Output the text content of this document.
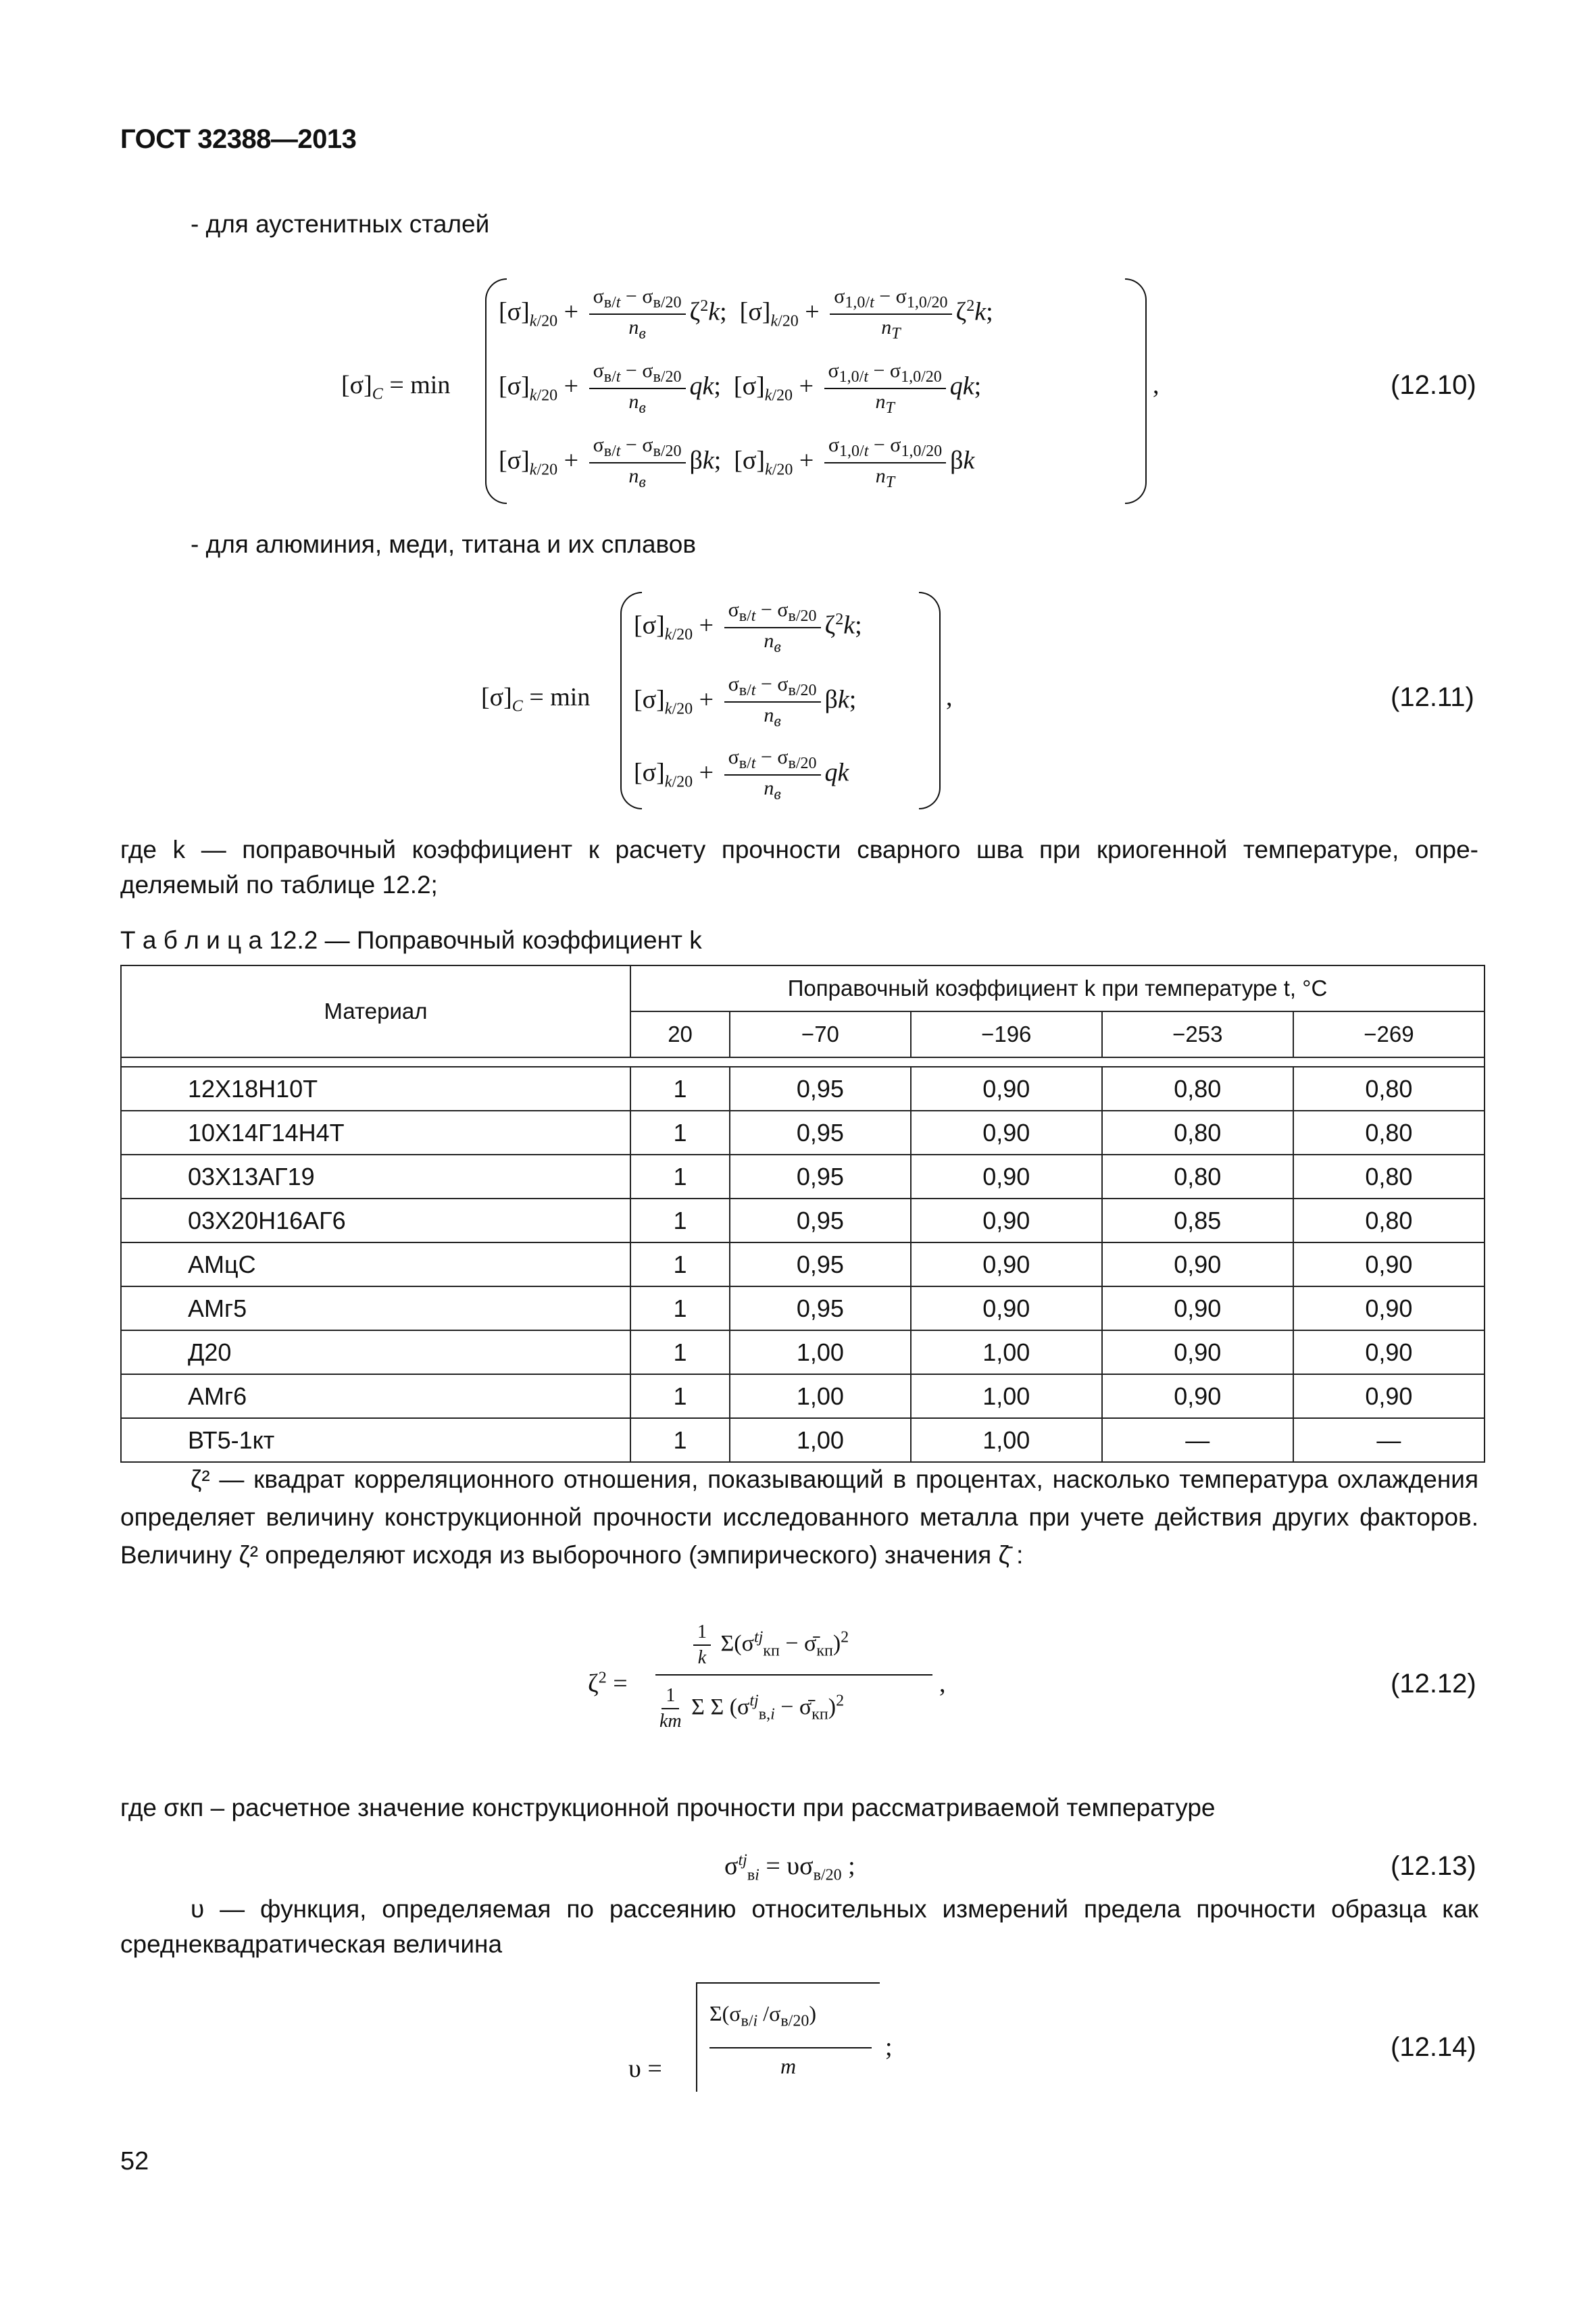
ГОСТ 32388—2013
- для аустенитных сталей
$[\sigma]_C = \min$
$[\sigma]_{k/20} + \frac{\sigma_{в/t} - \sigma_{в/20}}{n_в} \zeta^2k$;  $[\sigma]_{k/20} + \frac{\sigma_{1,0/t} - \sigma_{1,0/20}}{n_T} \zeta^2k$;
$[\sigma]_{k/20} + \frac{\sigma_{в/t} - \sigma_{в/20}}{n_в}$ qk;  $[\sigma]_{k/20} + \frac{\sigma_{1,0/t} - \sigma_{1,0/20}}{n_T}$ qk;
$[\sigma]_{k/20} + \frac{\sigma_{в/t} - \sigma_{в/20}}{n_в} \beta k$;  $[\sigma]_{k/20} + \frac{\sigma_{1,0/t} - \sigma_{1,0/20}}{n_T}$ βk
,	(12.10)
- для алюминия, меди, титана и их сплавов
$[\sigma]_C = \min$
$[\sigma]_{k/20} + \frac{\sigma_{в/t} - \sigma_{в/20}}{n_в} \zeta^2k$;
$[\sigma]_{k/20} + \frac{\sigma_{в/t} - \sigma_{в/20}}{n_в} \beta k$;
$[\sigma]_{k/20} + \frac{\sigma_{в/t} - \sigma_{в/20}}{n_в}$ qk
,	(12.11)
где k — поправочный коэффициент к расчету прочности сварного шва при криогенной температуре, опре-деляемый по таблице 12.2;
Т а б л и ц а 12.2 — Поправочный коэффициент k
Материал	Поправочный коэффициент k при температуре t, °С				
	20	−70	−196	−253	−269

12Х18Н10Т	1	0,95	0,90	0,80	0,80
10Х14Г14Н4Т	1	0,95	0,90	0,80	0,80
03Х13АГ19	1	0,95	0,90	0,80	0,80
03Х20Н16АГ6	1	0,95	0,90	0,85	0,80
АМцС	1	0,95	0,90	0,90	0,90
АМг5	1	0,95	0,90	0,90	0,90
Д20	1	1,00	1,00	0,90	0,90
АМг6	1	1,00	1,00	0,90	0,90
ВТ5-1кт	1	1,00	1,00	—	—
ζ² — квадрат корреляционного отношения, показывающий в процентах, насколько температура охлаждения определяет величину конструкционной прочности исследованного металла при учете действия других факторов. Величину ζ² определяют исходя из выборочного (эмпирического) значения ζ̄ :
$\zeta^2$ =
$\frac{1}{k} \Sigma(\sigma^{tj}_{кп}$ − $\sigmā_{кп})^2$
$\frac{1}{km}$ Σ Σ ($\sigma^{tj}_{в,i}$ − $\sigmā_{кп})^2$
,	(12.12)
где σкп – расчетное значение конструкционной прочности при рассматриваемой температуре
$\sigma^{tj}_{вi} = \upsilon\sigma_{в/20}$ ;	(12.13)
υ — функция, определяемая по рассеянию относительных измерений предела прочности образца как среднеквадратическая величина
υ =
$\Sigma(\sigma_{в/i}$ $/\sigma_{в/20}$)
m
;	(12.14)
52
